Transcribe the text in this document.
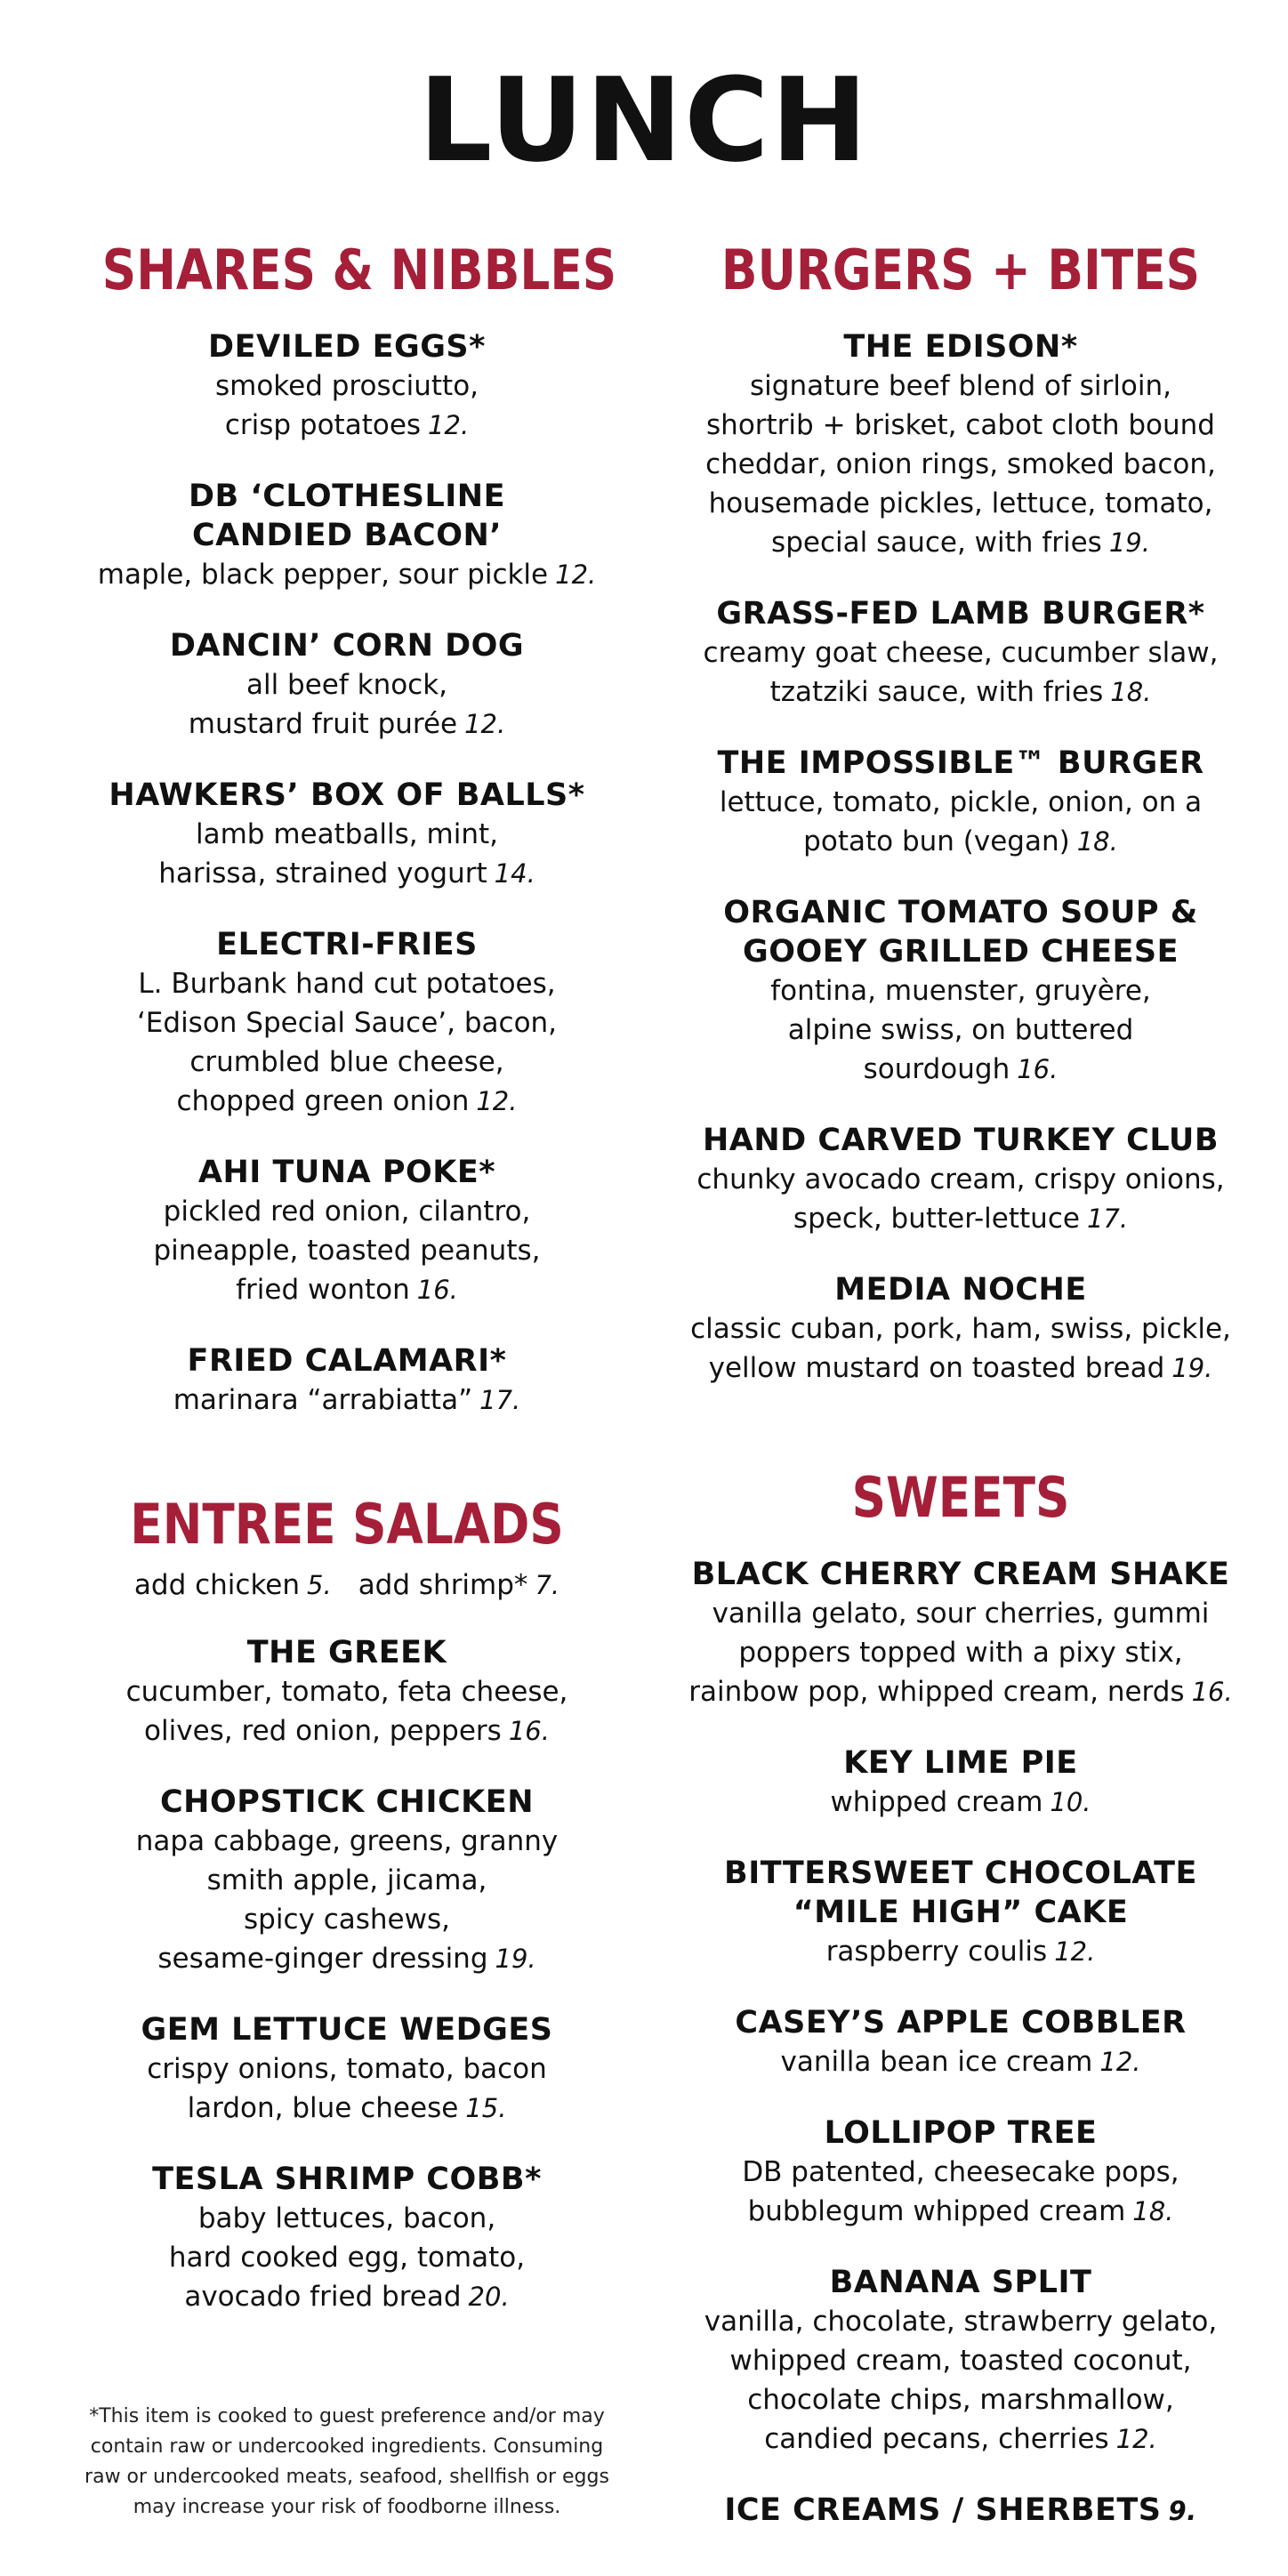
LUNCH
SHARES & NIBBLES
DEVILED EGGS*
smoked prosciutto,
crisp potatoes 12.
DB ‘CLOTHESLINE
CANDIED BACON’
maple, black pepper, sour pickle 12.
DANCIN’ CORN DOG
all beef knock,
mustard fruit purée 12.
HAWKERS’ BOX OF BALLS*
lamb meatballs, mint,
harissa, strained yogurt 14.
ELECTRI-FRIES
L. Burbank hand cut potatoes,
‘Edison Special Sauce’, bacon,
crumbled blue cheese,
chopped green onion 12.
AHI TUNA POKE*
pickled red onion, cilantro,
pineapple, toasted peanuts,
fried wonton 16.
FRIED CALAMARI*
marinara “arrabiatta” 17.
BURGERS + BITES
THE EDISON*
signature beef blend of sirloin,
shortrib + brisket, cabot cloth bound
cheddar, onion rings, smoked bacon,
housemade pickles, lettuce, tomato,
special sauce, with fries 19.
GRASS-FED LAMB BURGER*
creamy goat cheese, cucumber slaw,
tzatziki sauce, with fries 18.
THE IMPOSSIBLE™ BURGER
lettuce, tomato, pickle, onion, on a
potato bun (vegan) 18.
ORGANIC TOMATO SOUP &
GOOEY GRILLED CHEESE
fontina, muenster, gruyère,
alpine swiss, on buttered
sourdough 16.
HAND CARVED TURKEY CLUB
chunky avocado cream, crispy onions,
speck, butter-lettuce 17.
MEDIA NOCHE
classic cuban, pork, ham, swiss, pickle,
yellow mustard on toasted bread 19.
ENTREE SALADS
add chicken 5. add shrimp* 7.
THE GREEK
cucumber, tomato, feta cheese,
olives, red onion, peppers 16.
CHOPSTICK CHICKEN
napa cabbage, greens, granny
smith apple, jicama,
spicy cashews,
sesame-ginger dressing 19.
GEM LETTUCE WEDGES
crispy onions, tomato, bacon
lardon, blue cheese 15.
TESLA SHRIMP COBB*
baby lettuces, bacon,
hard cooked egg, tomato,
avocado fried bread 20.
SWEETS
BLACK CHERRY CREAM SHAKE
vanilla gelato, sour cherries, gummi
poppers topped with a pixy stix,
rainbow pop, whipped cream, nerds 16.
KEY LIME PIE
whipped cream 10.
BITTERSWEET CHOCOLATE
“MILE HIGH” CAKE
raspberry coulis 12.
CASEY’S APPLE COBBLER
vanilla bean ice cream 12.
LOLLIPOP TREE
DB patented, cheesecake pops,
bubblegum whipped cream 18.
BANANA SPLIT
vanilla, chocolate, strawberry gelato,
whipped cream, toasted coconut,
chocolate chips, marshmallow,
candied pecans, cherries 12.
ICE CREAMS / SHERBETS 9.
*This item is cooked to guest preference and/or may
contain raw or undercooked ingredients. Consuming
raw or undercooked meats, seafood, shellfish or eggs
may increase your risk of foodborne illness.
